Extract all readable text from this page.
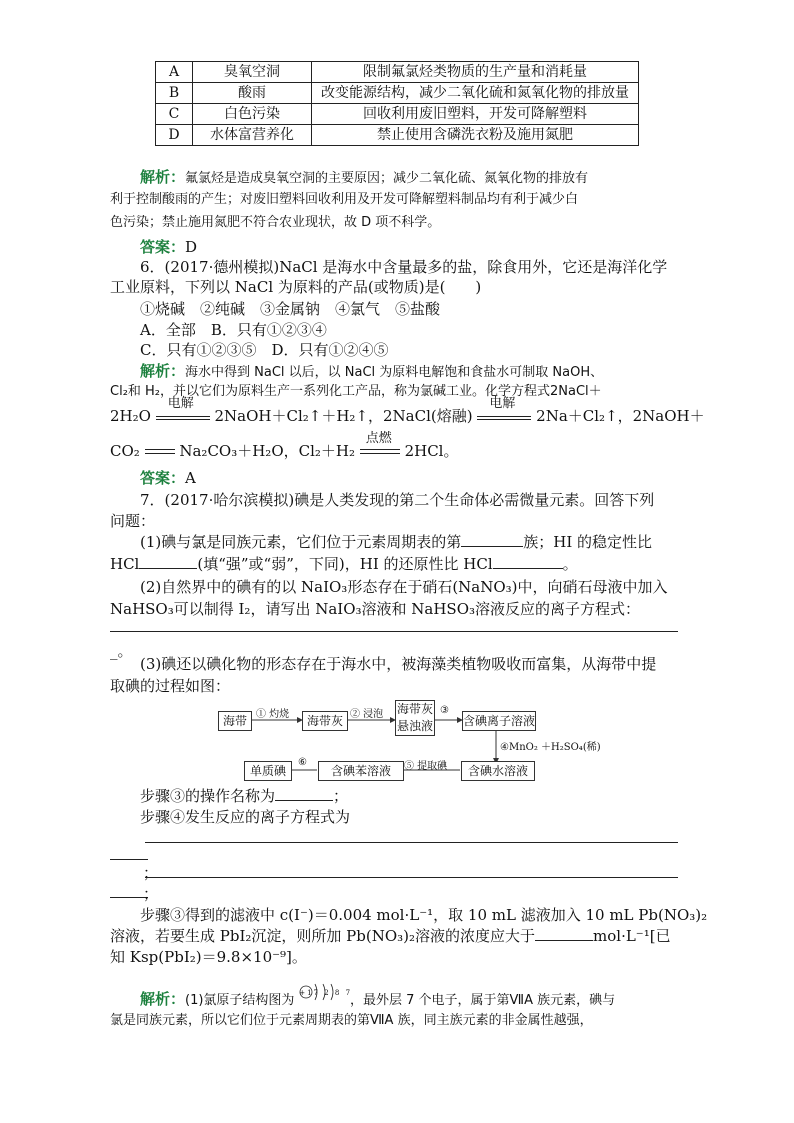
A	臭氧空洞	限制氟氯烃类物质的生产量和消耗量
B	酸雨	改变能源结构，减少二氧化硫和氮氧化物的排放量
C	白色污染	回收利用废旧塑料，开发可降解塑料
D	水体富营养化	禁止使用含磷洗衣粉及施用氮肥
解析：氟氯烃是造成臭氧空洞的主要原因；减少二氧化硫、氮氧化物的排放有
利于控制酸雨的产生；对废旧塑料回收利用及开发可降解塑料制品均有利于减少白
色污染；禁止施用氮肥不符合农业现状，故 D 项不科学。
答案：D
6．(2017·德州模拟)NaCl 是海水中含量最多的盐，除食用外，它还是海洋化学
工业原料，下列以 NaCl 为原料的产品(或物质)是(　　)
①烧碱　②纯碱　③金属钠　④氯气　⑤盐酸
A．全部　B．只有①②③④
C．只有①②③⑤　D．只有①②④⑤
解析：海水中得到 NaCl 以后，以 NaCl 为原料电解饱和食盐水可制取 NaOH、
Cl₂和 H₂，并以它们为原料生产一系列化工产品，称为氯碱工业。化学方程式2NaCl＋
2H₂O
电解
2NaOH＋Cl₂↑＋H₂↑，2NaCl(熔融)
电解
2Na＋Cl₂↑，2NaOH＋
CO₂	Na₂CO₃＋H₂O，Cl₂＋H₂
点燃
2HCl。
答案：A
7．(2017·哈尔滨模拟)碘是人类发现的第二个生命体必需微量元素。回答下列
问题：
(1)碘与氯是同族元素，它们位于元素周期表的第	族；HI 的稳定性比
HCl	(填“强”或“弱”，下同)，HI 的还原性比 HCl	。
(2)自然界中的碘有的以 NaIO₃形态存在于硝石(NaNO₃)中，向硝石母液中加入
NaHSO₃可以制得 I₂，请写出 NaIO₃溶液和 NaHSO₃溶液反应的离子方程式：
_。
(3)碘还以碘化物的形态存在于海水中，被海藻类植物吸收而富集，从海带中提
取碘的过程如图：
海带	海带灰
海带灰
悬浊液	含碘离子溶液
含碘水溶液
含碘苯溶液
单质碘
① 灼烧	② 浸泡	③
④MnO₂ ＋H₂SO₄(稀)
⑤ 提取碘
⑥
步骤③的操作名称为	；
步骤④发生反应的离子方程式为
；
；
步骤③得到的滤液中 c(I⁻)＝0.004 mol·L⁻¹，取 10 mL 滤液加入 10 mL Pb(NO₃)₂
溶液，若要生成 PbI₂沉淀，则所加 Pb(NO₃)₂溶液的浓度应大于	mol·L⁻¹[已
知 Ksp(PbI₂)＝9.8×10⁻⁹]。
解析：(1)氯原子结构图为 +17 2 8 7
，最外层 7 个电子，属于第ⅦA 族元素，碘与
氯是同族元素，所以它们位于元素周期表的第ⅦA 族，同主族元素的非金属性越强，
